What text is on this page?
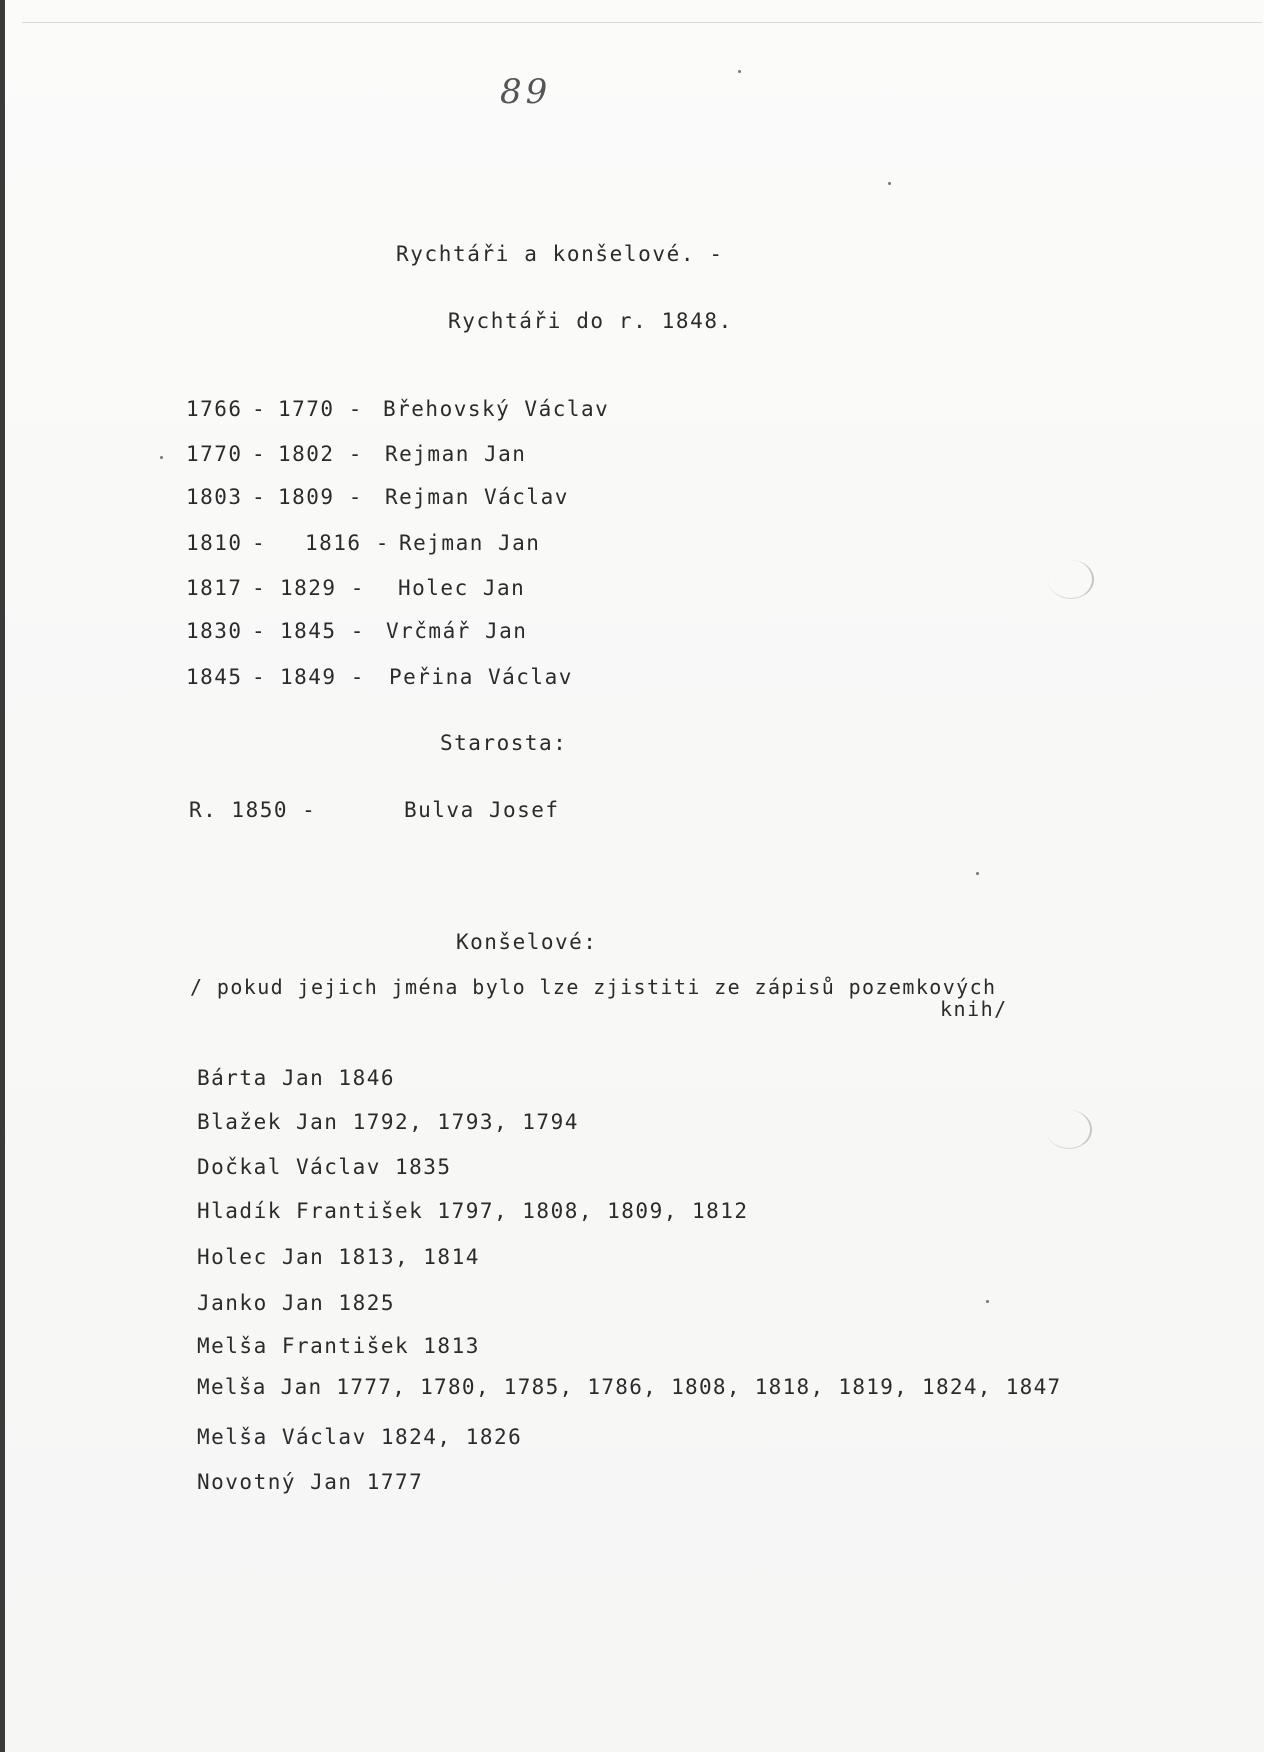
89
Rychtáři a konšelové. -
Rychtáři do r. 1848.
1766 - 1770 - Břehovský Václav
1770 - 1802 - Rejman Jan
1803 - 1809 - Rejman Václav
1810 - 1816 - Rejman Jan
1817 - 1829 - Holec Jan
1830 - 1845 - Vrčmář Jan
1845 - 1849 - Peřina Václav
Starosta:
R. 1850 -	Bulva Josef
Konšelové:
/ pokud jejich jména bylo lze zjistiti ze zápisů pozemkových
knih/
Bárta Jan 1846
Blažek Jan 1792, 1793, 1794
Dočkal Václav 1835
Hladík František 1797, 1808, 1809, 1812
Holec Jan 1813, 1814
Janko Jan 1825
Melša František 1813
Melša Jan 1777, 1780, 1785, 1786, 1808, 1818, 1819, 1824, 1847
Melša Václav 1824, 1826
Novotný Jan 1777
